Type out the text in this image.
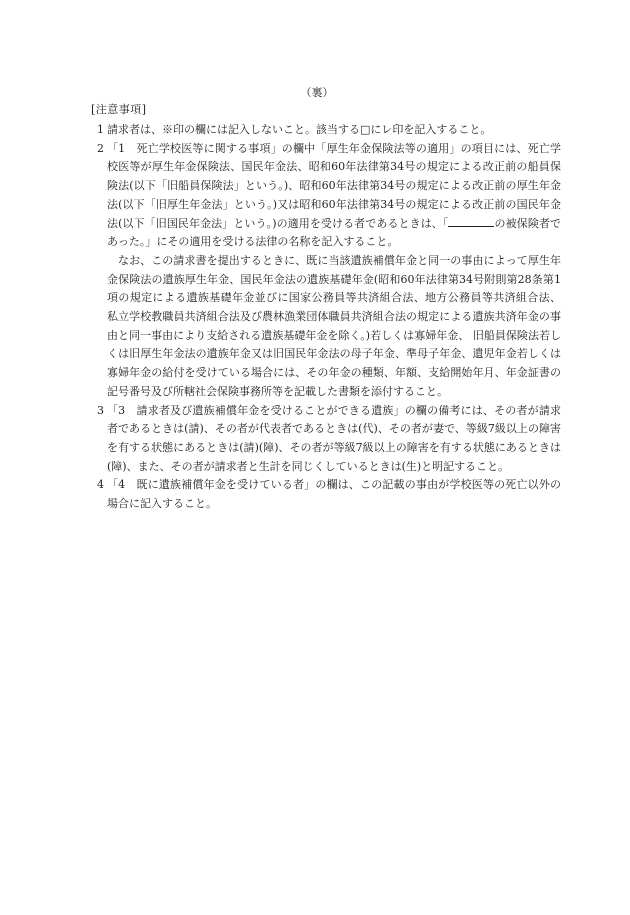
（裏）
[注意事項]
1 請求者は、※印の欄には記入しないこと。該当する□にレ印を記入すること。

2 「1　死亡学校医等に関する事項」の欄中「厚生年金保険法等の適用」の項目には、死亡学校医等が厚生年金保険法、国民年金法、昭和60年法律第34号の規定による改正前の船員保険法(以下「旧船員保険法」という。)、昭和60年法律第34号の規定による改正前の厚生年金法(以下「旧厚生年金法」という。)又は昭和60年法律第34号の規定による改正前の国民年金法(以下「旧国民年金法」という。)の適用を受ける者であるときは、「	の被保険者であった。」にその適用を受ける法律の名称を記入すること。

なお、この請求書を提出するときに、既に当該遺族補償年金と同一の事由によって厚生年金保険法の遺族厚生年金、国民年金法の遺族基礎年金(昭和60年法律第34号附則第28条第1項の規定による遺族基礎年金並びに国家公務員等共済組合法、地方公務員等共済組合法、 私立学校教職員共済組合法及び農林漁業団体職員共済組合法の規定による遺族共済年金の事由と同一事由により支給される遺族基礎年金を除く。)若しくは寡婦年金、 旧船員保険法若しくは旧厚生年金法の遺族年金又は旧国民年金法の母子年金、準母子年金、遺児年金若しくは寡婦年金の給付を受けている場合には、その年金の種類、年額、支給開始年月、年金証書の記号番号及び所轄社会保険事務所等を記載した書類を添付すること。

3 「3　請求者及び遺族補償年金を受けることができる遺族」の欄の備考には、その者が請求者であるときは(請)、その者が代表者であるときは(代)、その者が妻で、等級7級以上の障害を有する状態にあるときは(請)(障)、その者が等級7級以上の障害を有する状態にあるときは(障)、また、その者が請求者と生計を同じくしているときは(生)と明記すること。

4 「4　既に遺族補償年金を受けている者」の欄は、この記載の事由が学校医等の死亡以外の場合に記入すること。
